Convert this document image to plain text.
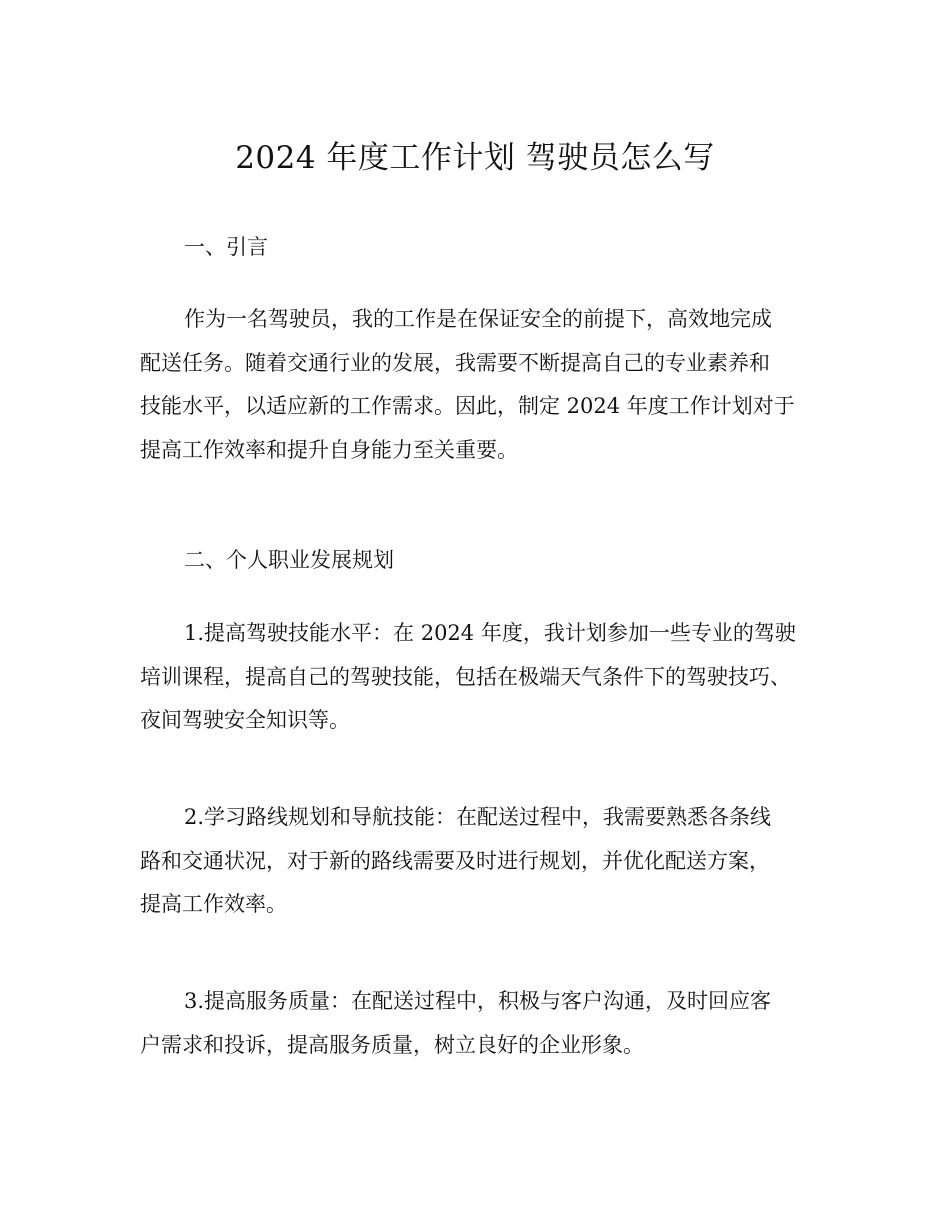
2024 年度工作计划 驾驶员怎么写

一、引言

作为一名驾驶员，我的工作是在保证安全的前提下，高效地完成
配送任务。随着交通行业的发展，我需要不断提高自己的专业素养和
技能水平，以适应新的工作需求。因此，制定 2024 年度工作计划对于
提高工作效率和提升自身能力至关重要。

二、个人职业发展规划

1.提高驾驶技能水平：在 2024 年度，我计划参加一些专业的驾驶
培训课程，提高自己的驾驶技能，包括在极端天气条件下的驾驶技巧、
夜间驾驶安全知识等。

2.学习路线规划和导航技能：在配送过程中，我需要熟悉各条线
路和交通状况，对于新的路线需要及时进行规划，并优化配送方案，
提高工作效率。

3.提高服务质量：在配送过程中，积极与客户沟通，及时回应客
户需求和投诉，提高服务质量，树立良好的企业形象。
